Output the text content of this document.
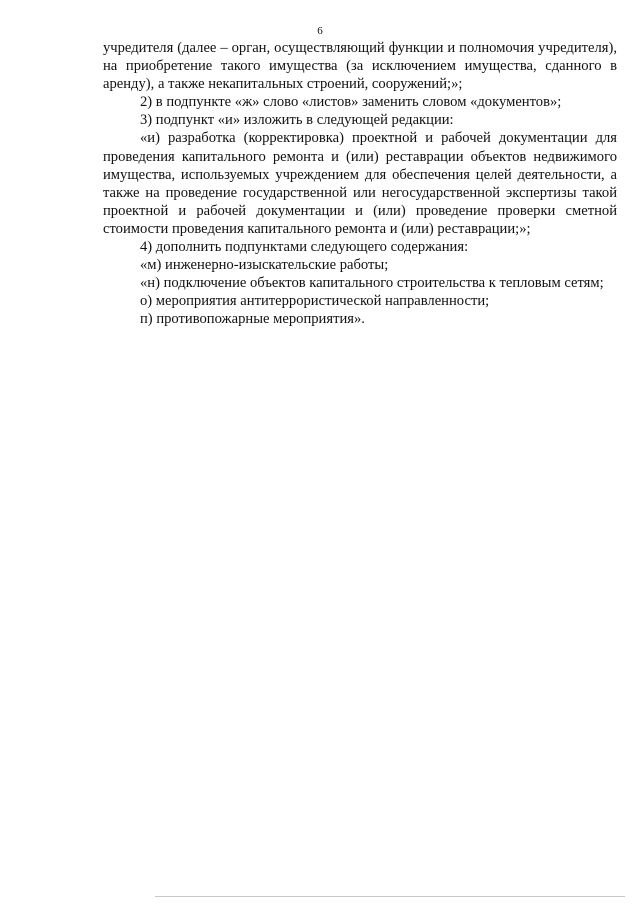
6

учредителя (далее – орган, осуществляющий функции и полномочия учредителя), на приобретение такого имущества (за исключением имущества, сданного в аренду), а также некапитальных строений, сооружений;»;

2) в подпункте «ж» слово «листов» заменить словом «документов»;

3) подпункт «и» изложить в следующей редакции:

«и) разработка (корректировка) проектной и рабочей документации для проведения капитального ремонта и (или) реставрации объектов недвижимого имущества, используемых учреждением для обеспечения целей деятельности, а также на проведение государственной или негосударственной экспертизы такой проектной и рабочей документации и (или) проведение проверки сметной стоимости проведения капитального ремонта и (или) реставрации;»;

4) дополнить подпунктами следующего содержания:

«м) инженерно-изыскательские работы;

«н) подключение объектов капитального строительства к тепловым сетям;

о) мероприятия антитеррористической направленности;

п) противопожарные мероприятия».
